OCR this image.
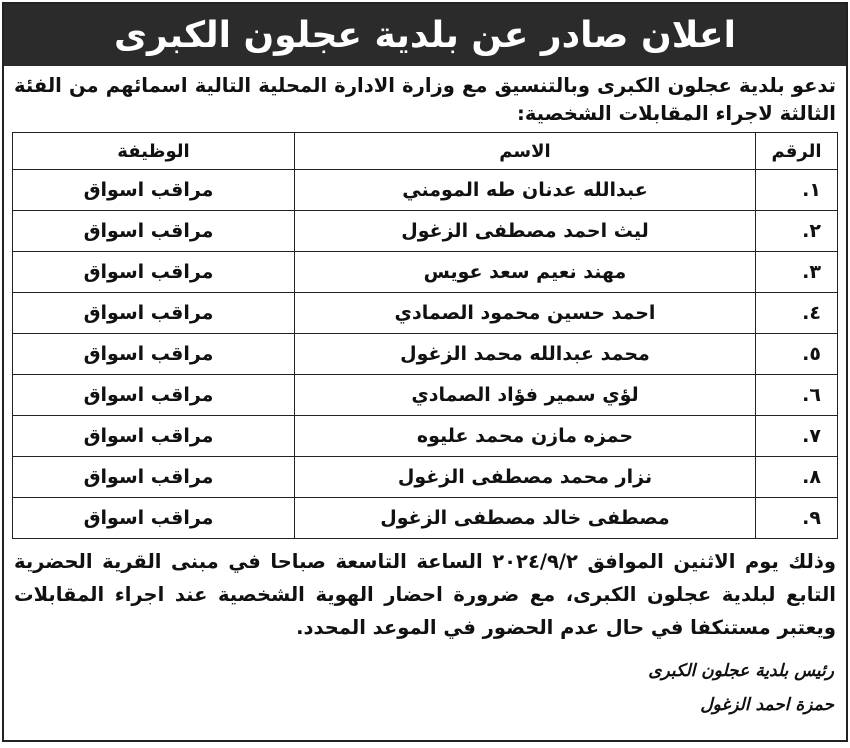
اعلان صادر عن بلدية عجلون الكبرى
تدعو بلدية عجلون الكبرى وبالتنسيق مع وزارة الادارة المحلية التالية اسمائهم من الفئة الثالثة لاجراء المقابلات الشخصية:
الرقم	الاسم	الوظيفة
١.	عبدالله عدنان طه المومني	مراقب اسواق
٢.	ليث احمد مصطفى الزغول	مراقب اسواق
٣.	مهند نعيم سعد عويس	مراقب اسواق
٤.	احمد حسين محمود الصمادي	مراقب اسواق
٥.	محمد عبدالله محمد الزغول	مراقب اسواق
٦.	لؤي سمير فؤاد الصمادي	مراقب اسواق
٧.	حمزه مازن محمد عليوه	مراقب اسواق
٨.	نزار محمد مصطفى الزغول	مراقب اسواق
٩.	مصطفى خالد مصطفى الزغول	مراقب اسواق
وذلك يوم الاثنين الموافق ٢٠٢٤/٩/٢ الساعة التاسعة صباحا في مبنى القرية الحضرية التابع لبلدية عجلون الكبرى، مع ضرورة احضار الهوية الشخصية عند اجراء المقابلات ويعتبر مستنكفا في حال عدم الحضور في الموعد المحدد.
رئيس بلدية عجلون الكبرى
حمزة احمد الزغول
